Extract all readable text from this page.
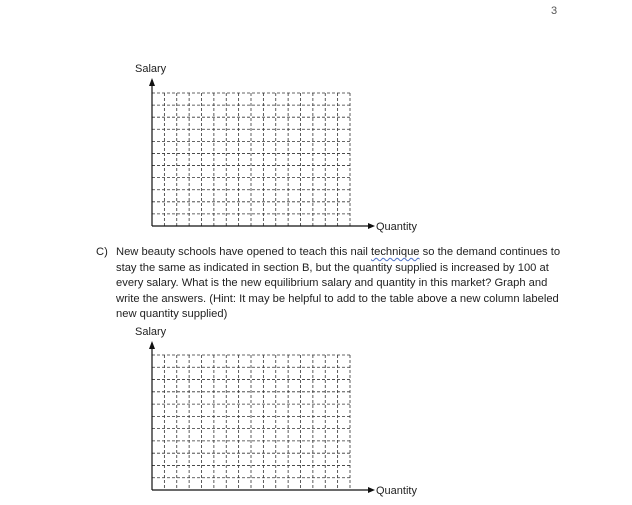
3
Salary
Quantity
C) New beauty schools have opened to teach this nail technique so the demand continues to stay the same as indicated in section B, but the quantity supplied is increased by 100 at every salary. What is the new equilibrium salary and quantity in this market? Graph and write the answers. (Hint: It may be helpful to add to the table above a new column labeled new quantity supplied)
Salary
Quantity
